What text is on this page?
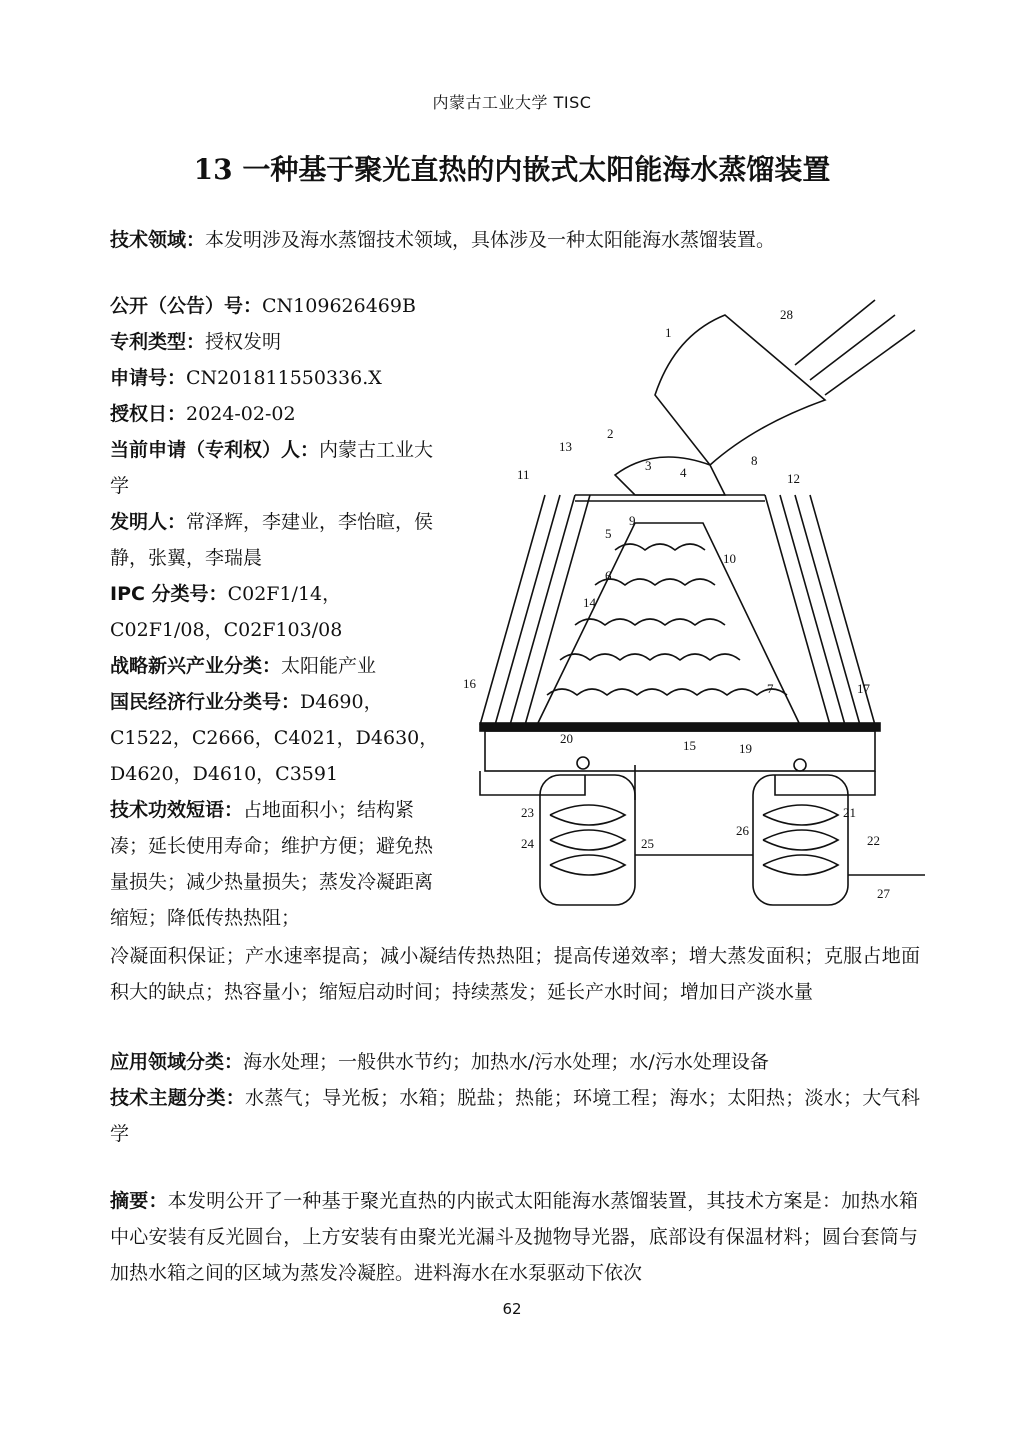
内蒙古工业大学 TISC
13 一种基于聚光直热的内嵌式太阳能海水蒸馏装置
技术领域：本发明涉及海水蒸馏技术领域，具体涉及一种太阳能海水蒸馏装置。
公开（公告）号：CN109626469B
专利类型：授权发明
申请号：CN201811550336.X
授权日：2024-02-02
当前申请（专利权）人：内蒙古工业大学
发明人：常泽辉，李建业，李怡暄，侯静，张翼，李瑞晨
IPC 分类号：C02F1/14，C02F1/08，C02F103/08
战略新兴产业分类：太阳能产业
国民经济行业分类号：D4690，C1522，C2666，C4021，D4630，D4620，D4610，C3591
技术功效短语：占地面积小；结构紧凑；延长使用寿命；维护方便；避免热量损失；减少热量损失；蒸发冷凝距离缩短；降低传热热阻；
冷凝面积保证；产水速率提高；减小凝结传热热阻；提高传递效率；增大蒸发面积；克服占地面积大的缺点；热容量小；缩短启动时间；持续蒸发；延长产水时间；增加日产淡水量
应用领域分类：海水处理；一般供水节约；加热水/污水处理；水/污水处理设备
技术主题分类：水蒸气；导光板；水箱；脱盐；热能；环境工程；海水；太阳热；淡水；大气科学
摘要：本发明公开了一种基于聚光直热的内嵌式太阳能海水蒸馏装置，其技术方案是：加热水箱中心安装有反光圆台，上方安装有由聚光光漏斗及抛物导光器，底部设有保温材料；圆台套筒与加热水箱之间的区域为蒸发冷凝腔。进料海水在水泵驱动下依次
62
1
2
3 4
5
6
7
8
9
10
11	12
13
14
15
16	17
19
20
21
22
23
24	25
26
27
28
